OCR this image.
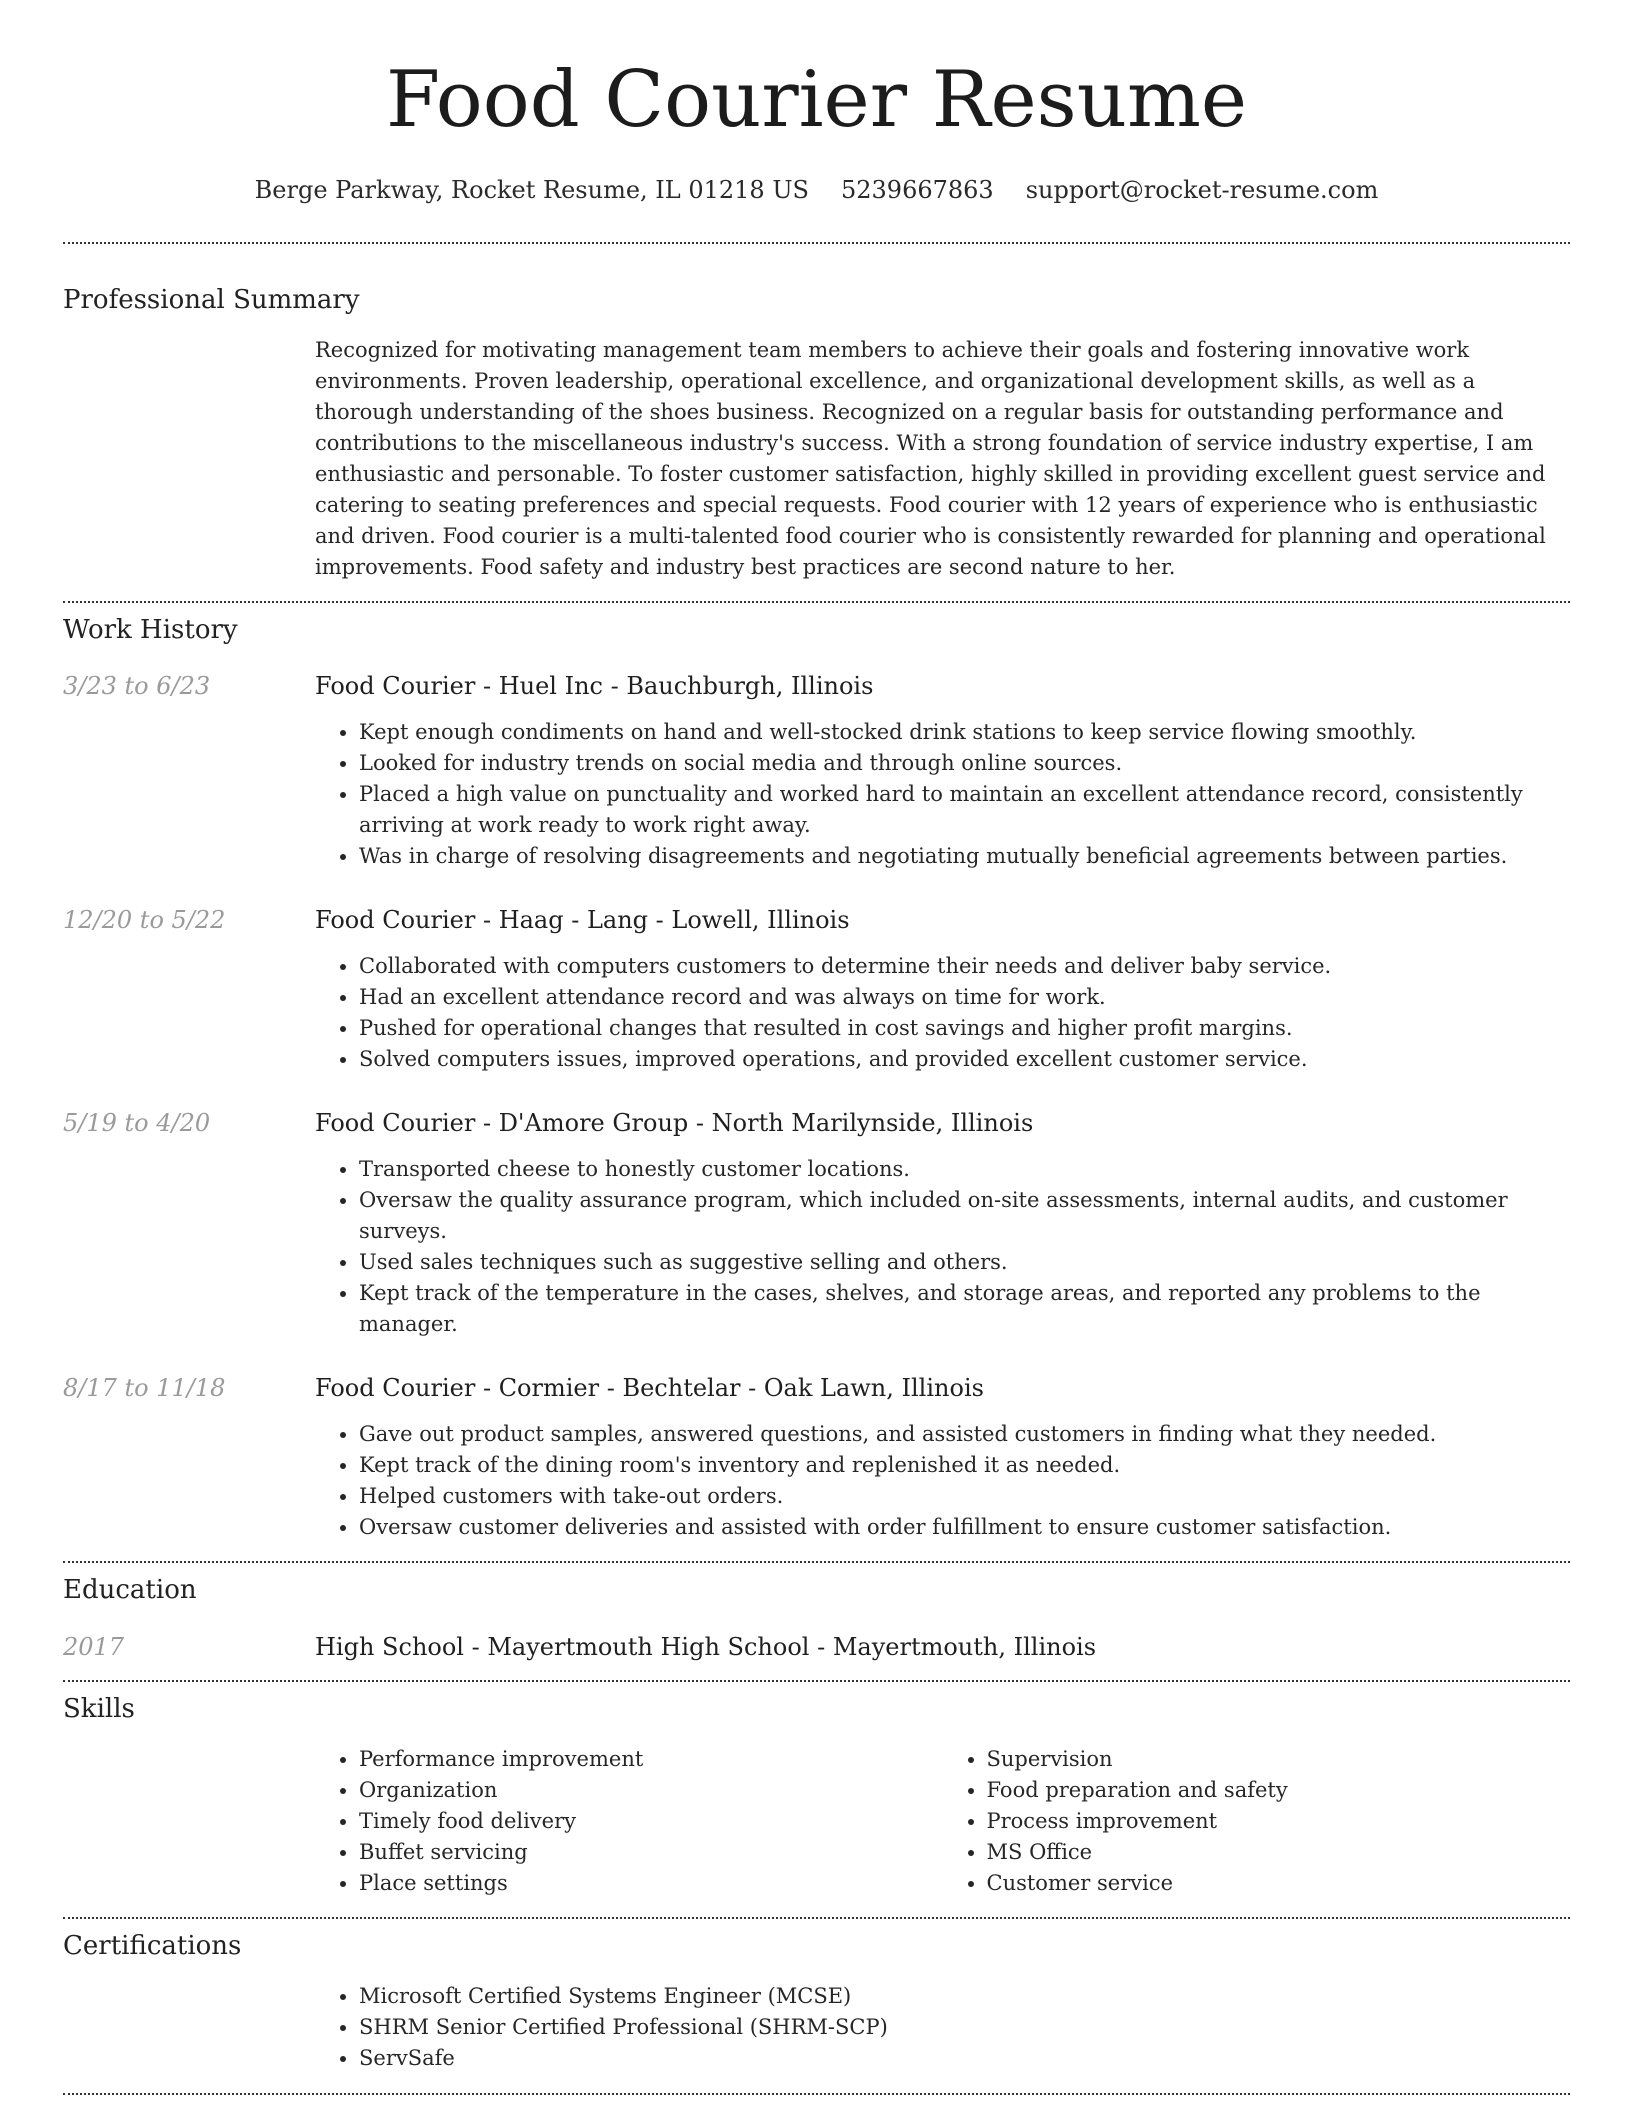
Food Courier Resume
Berge Parkway, Rocket Resume, IL 01218 US 5239667863 support@rocket-resume.com
Professional Summary
Recognized for motivating management team members to achieve their goals and fostering innovative work environments. Proven leadership, operational excellence, and organizational development skills, as well as a thorough understanding of the shoes business. Recognized on a regular basis for outstanding performance and contributions to the miscellaneous industry's success. With a strong foundation of service industry expertise, I am enthusiastic and personable. To foster customer satisfaction, highly skilled in providing excellent guest service and catering to seating preferences and special requests. Food courier with 12 years of experience who is enthusiastic and driven. Food courier is a multi-talented food courier who is consistently rewarded for planning and operational improvements. Food safety and industry best practices are second nature to her.
Work History
3/23 to 6/23	Food Courier - Huel Inc - Bauchburgh, Illinois
• Kept enough condiments on hand and well-stocked drink stations to keep service flowing smoothly.
• Looked for industry trends on social media and through online sources.
• Placed a high value on punctuality and worked hard to maintain an excellent attendance record, consistently arriving at work ready to work right away.
• Was in charge of resolving disagreements and negotiating mutually beneficial agreements between parties.
12/20 to 5/22	Food Courier - Haag - Lang - Lowell, Illinois
• Collaborated with computers customers to determine their needs and deliver baby service.
• Had an excellent attendance record and was always on time for work.
• Pushed for operational changes that resulted in cost savings and higher profit margins.
• Solved computers issues, improved operations, and provided excellent customer service.
5/19 to 4/20	Food Courier - D'Amore Group - North Marilynside, Illinois
• Transported cheese to honestly customer locations.
• Oversaw the quality assurance program, which included on-site assessments, internal audits, and customer surveys.
• Used sales techniques such as suggestive selling and others.
• Kept track of the temperature in the cases, shelves, and storage areas, and reported any problems to the manager.
8/17 to 11/18	Food Courier - Cormier - Bechtelar - Oak Lawn, Illinois
• Gave out product samples, answered questions, and assisted customers in finding what they needed.
• Kept track of the dining room's inventory and replenished it as needed.
• Helped customers with take-out orders.
• Oversaw customer deliveries and assisted with order fulfillment to ensure customer satisfaction.
Education
2017	High School - Mayertmouth High School - Mayertmouth, Illinois
Skills
• Performance improvement
• Organization
• Timely food delivery
• Buffet servicing
• Place settings
• Supervision
• Food preparation and safety
• Process improvement
• MS Office
• Customer service
Certifications
• Microsoft Certified Systems Engineer (MCSE)
• SHRM Senior Certified Professional (SHRM-SCP)
• ServSafe
